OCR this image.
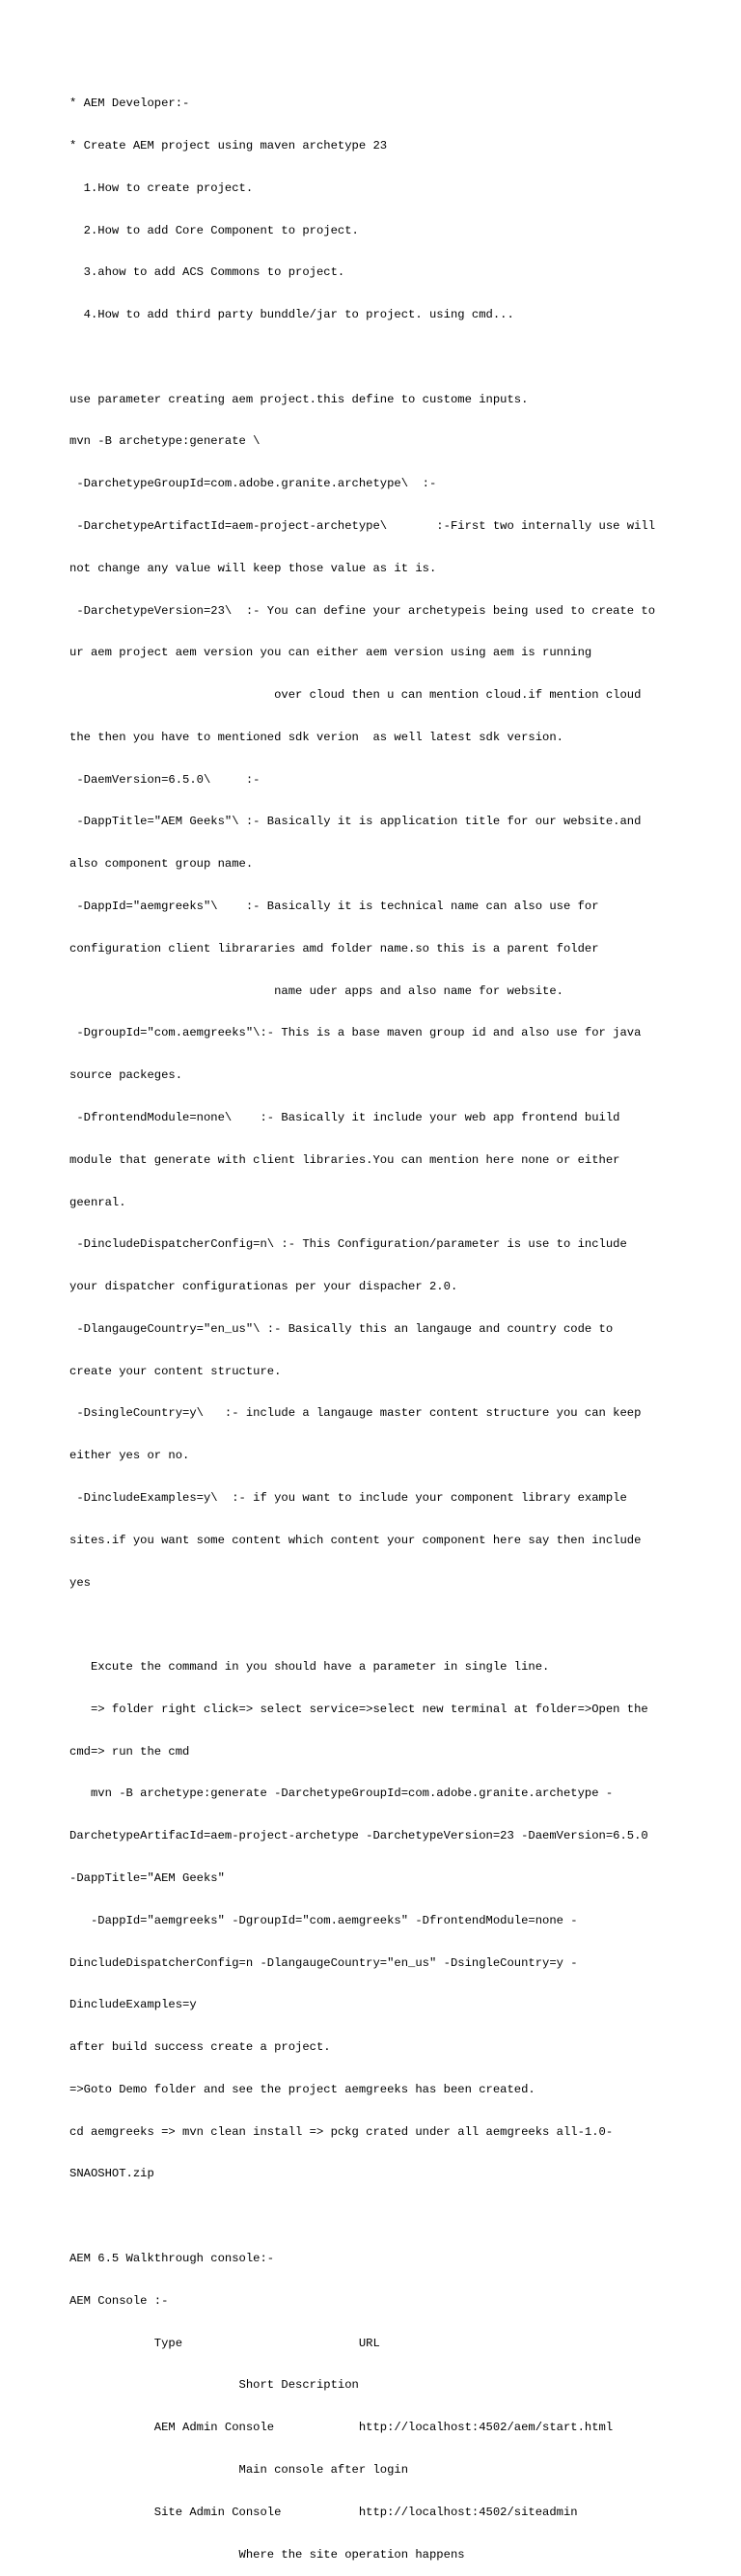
* AEM Developer:-

* Create AEM project using maven archetype 23

1.How to create project.

2.How to add Core Component to project.

3.ahow to add ACS Commons to project.

4.How to add third party bunddle/jar to project. using cmd...

use parameter creating aem project.this define to custome inputs.

mvn -B archetype:generate \

-DarchetypeGroupId=com.adobe.granite.archetype\  :-

-DarchetypeArtifactId=aem-project-archetype\       :-First two internally use will

not change any value will keep those value as it is.

-DarchetypeVersion=23\  :- You can define your archetypeis being used to create to

ur aem project aem version you can either aem version using aem is running

over cloud then u can mention cloud.if mention cloud

the then you have to mentioned sdk verion  as well latest sdk version.

-DaemVersion=6.5.0\     :-

-DappTitle="AEM Geeks"\ :- Basically it is application title for our website.and

also component group name.

-DappId="aemgreeks"\    :- Basically it is technical name can also use for

configuration client librararies amd folder name.so this is a parent folder

name uder apps and also name for website.

-DgroupId="com.aemgreeks"\:- This is a base maven group id and also use for java

source packeges.

-DfrontendModule=none\    :- Basically it include your web app frontend build

module that generate with client libraries.You can mention here none or either

geenral.

-DincludeDispatcherConfig=n\ :- This Configuration/parameter is use to include

your dispatcher configurationas per your dispacher 2.0.

-DlangaugeCountry="en_us"\ :- Basically this an langauge and country code to

create your content structure.

-DsingleCountry=y\   :- include a langauge master content structure you can keep

either yes or no.

-DincludeExamples=y\  :- if you want to include your component library example

sites.if you want some content which content your component here say then include

yes

Excute the command in you should have a parameter in single line.

=> folder right click=> select service=>select new terminal at folder=>Open the

cmd=> run the cmd

mvn -B archetype:generate -DarchetypeGroupId=com.adobe.granite.archetype -

DarchetypeArtifacId=aem-project-archetype -DarchetypeVersion=23 -DaemVersion=6.5.0

-DappTitle="AEM Geeks"

-DappId="aemgreeks" -DgroupId="com.aemgreeks" -DfrontendModule=none -

DincludeDispatcherConfig=n -DlangaugeCountry="en_us" -DsingleCountry=y -

DincludeExamples=y

after build success create a project.

=>Goto Demo folder and see the project aemgreeks has been created.

cd aemgreeks => mvn clean install => pckg crated under all aemgreeks all-1.0-

SNAOSHOT.zip

AEM 6.5 Walkthrough console:-

AEM Console :-

Type                         URL

Short Description

AEM Admin Console            http://localhost:4502/aem/start.html

Main console after login

Site Admin Console           http://localhost:4502/siteadmin

Where the site operation happens
